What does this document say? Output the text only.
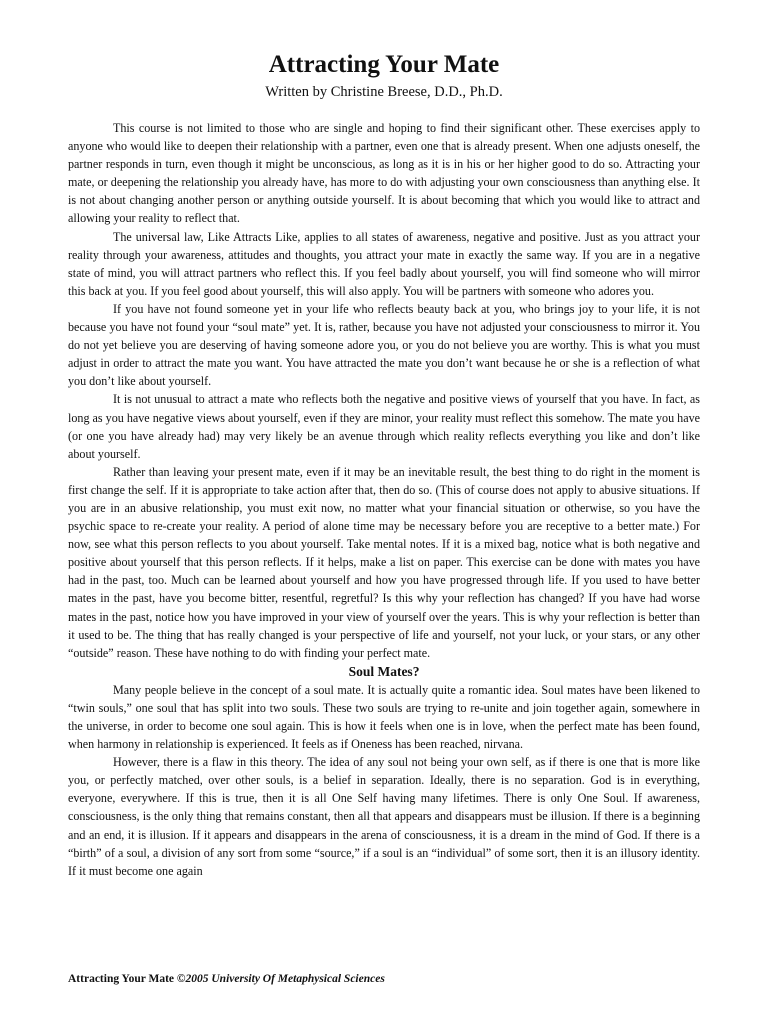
Attracting Your Mate
Written by Christine Breese, D.D., Ph.D.

This course is not limited to those who are single and hoping to find their significant other. These exercises apply to anyone who would like to deepen their relationship with a partner, even one that is already present. When one adjusts oneself, the partner responds in turn, even though it might be unconscious, as long as it is in his or her higher good to do so. Attracting your mate, or deepening the relationship you already have, has more to do with adjusting your own consciousness than anything else. It is not about changing another person or anything outside yourself. It is about becoming that which you would like to attract and allowing your reality to reflect that.

The universal law, Like Attracts Like, applies to all states of awareness, negative and positive. Just as you attract your reality through your awareness, attitudes and thoughts, you attract your mate in exactly the same way. If you are in a negative state of mind, you will attract partners who reflect this. If you feel badly about yourself, you will find someone who will mirror this back at you. If you feel good about yourself, this will also apply. You will be partners with someone who adores you.

If you have not found someone yet in your life who reflects beauty back at you, who brings joy to your life, it is not because you have not found your “soul mate” yet. It is, rather, because you have not adjusted your consciousness to mirror it. You do not yet believe you are deserving of having someone adore you, or you do not believe you are worthy. This is what you must adjust in order to attract the mate you want. You have attracted the mate you don’t want because he or she is a reflection of what you don’t like about yourself.

It is not unusual to attract a mate who reflects both the negative and positive views of yourself that you have. In fact, as long as you have negative views about yourself, even if they are minor, your reality must reflect this somehow. The mate you have (or one you have already had) may very likely be an avenue through which reality reflects everything you like and don’t like about yourself.

Rather than leaving your present mate, even if it may be an inevitable result, the best thing to do right in the moment is first change the self. If it is appropriate to take action after that, then do so. (This of course does not apply to abusive situations. If you are in an abusive relationship, you must exit now, no matter what your financial situation or otherwise, so you have the psychic space to re-create your reality. A period of alone time may be necessary before you are receptive to a better mate.) For now, see what this person reflects to you about yourself. Take mental notes. If it is a mixed bag, notice what is both negative and positive about yourself that this person reflects. If it helps, make a list on paper. This exercise can be done with mates you have had in the past, too. Much can be learned about yourself and how you have progressed through life. If you used to have better mates in the past, have you become bitter, resentful, regretful? Is this why your reflection has changed? If you have had worse mates in the past, notice how you have improved in your view of yourself over the years. This is why your reflection is better than it used to be. The thing that has really changed is your perspective of life and yourself, not your luck, or your stars, or any other “outside” reason. These have nothing to do with finding your perfect mate.

Soul Mates?

Many people believe in the concept of a soul mate. It is actually quite a romantic idea. Soul mates have been likened to “twin souls,” one soul that has split into two souls. These two souls are trying to re-unite and join together again, somewhere in the universe, in order to become one soul again. This is how it feels when one is in love, when the perfect mate has been found, when harmony in relationship is experienced. It feels as if Oneness has been reached, nirvana.

However, there is a flaw in this theory. The idea of any soul not being your own self, as if there is one that is more like you, or perfectly matched, over other souls, is a belief in separation. Ideally, there is no separation. God is in everything, everyone, everywhere. If this is true, then it is all One Self having many lifetimes. There is only One Soul. If awareness, consciousness, is the only thing that remains constant, then all that appears and disappears must be illusion. If there is a beginning and an end, it is illusion. If it appears and disappears in the arena of consciousness, it is a dream in the mind of God. If there is a “birth” of a soul, a division of any sort from some “source,” if a soul is an “individual” of some sort, then it is an illusory identity. If it must become one again

Attracting Your Mate ©2005 University Of Metaphysical Sciences
